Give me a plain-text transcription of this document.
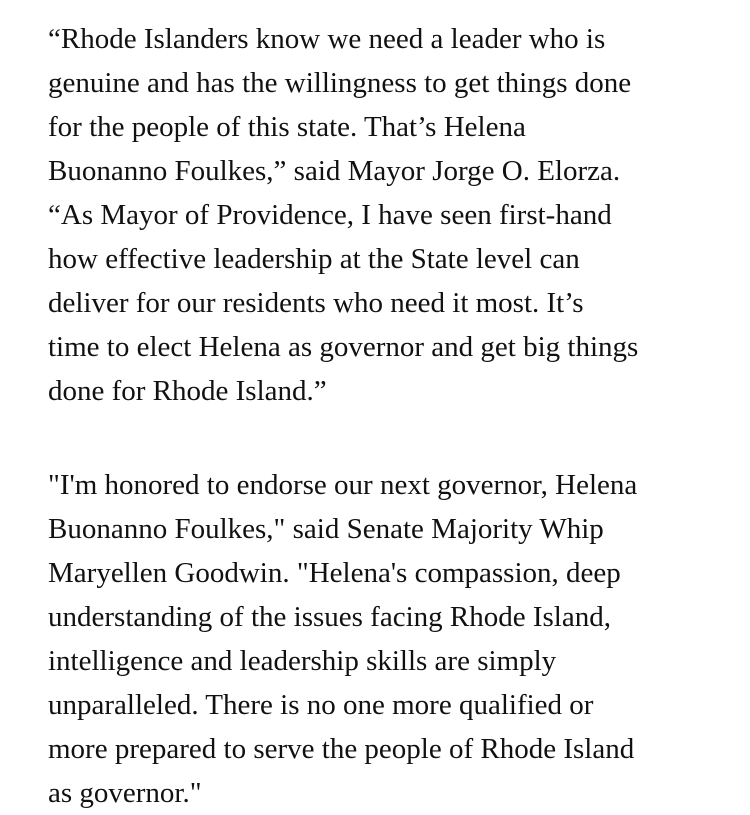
“Rhode Islanders know we need a leader who is
genuine and has the willingness to get things done
for the people of this state. That’s Helena
Buonanno Foulkes,” said Mayor Jorge O. Elorza.
“As Mayor of Providence, I have seen first-hand
how effective leadership at the State level can
deliver for our residents who need it most. It’s
time to elect Helena as governor and get big things
done for Rhode Island.”
"I'm honored to endorse our next governor, Helena
Buonanno Foulkes," said Senate Majority Whip
Maryellen Goodwin. "Helena's compassion, deep
understanding of the issues facing Rhode Island,
intelligence and leadership skills are simply
unparalleled. There is no one more qualified or
more prepared to serve the people of Rhode Island
as governor."
